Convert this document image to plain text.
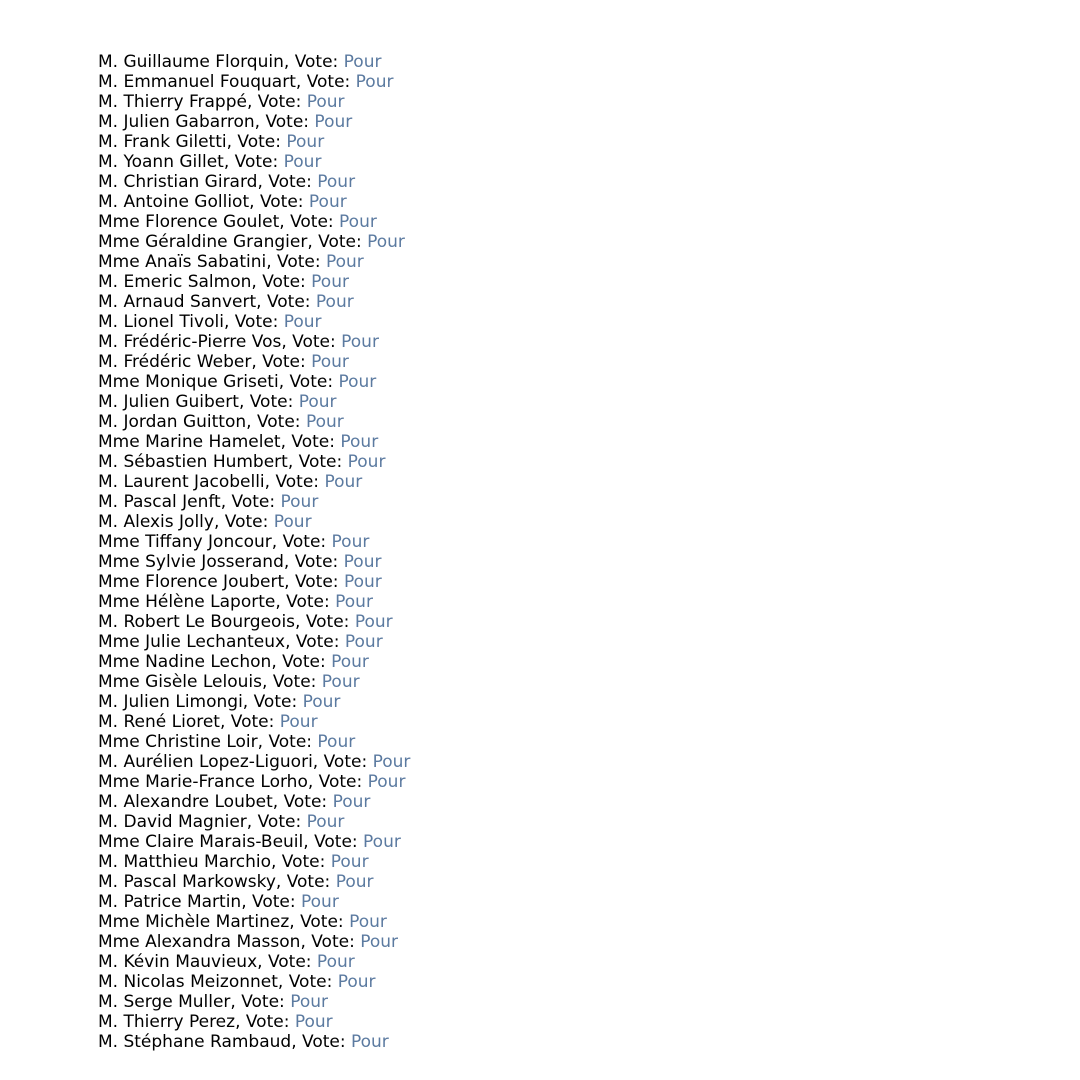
M. Guillaume Florquin, Vote: Pour
M. Emmanuel Fouquart, Vote: Pour
M. Thierry Frappé, Vote: Pour
M. Julien Gabarron, Vote: Pour
M. Frank Giletti, Vote: Pour
M. Yoann Gillet, Vote: Pour
M. Christian Girard, Vote: Pour
M. Antoine Golliot, Vote: Pour
Mme Florence Goulet, Vote: Pour
Mme Géraldine Grangier, Vote: Pour
Mme Anaïs Sabatini, Vote: Pour
M. Emeric Salmon, Vote: Pour
M. Arnaud Sanvert, Vote: Pour
M. Lionel Tivoli, Vote: Pour
M. Frédéric-Pierre Vos, Vote: Pour
M. Frédéric Weber, Vote: Pour
Mme Monique Griseti, Vote: Pour
M. Julien Guibert, Vote: Pour
M. Jordan Guitton, Vote: Pour
Mme Marine Hamelet, Vote: Pour
M. Sébastien Humbert, Vote: Pour
M. Laurent Jacobelli, Vote: Pour
M. Pascal Jenft, Vote: Pour
M. Alexis Jolly, Vote: Pour
Mme Tiffany Joncour, Vote: Pour
Mme Sylvie Josserand, Vote: Pour
Mme Florence Joubert, Vote: Pour
Mme Hélène Laporte, Vote: Pour
M. Robert Le Bourgeois, Vote: Pour
Mme Julie Lechanteux, Vote: Pour
Mme Nadine Lechon, Vote: Pour
Mme Gisèle Lelouis, Vote: Pour
M. Julien Limongi, Vote: Pour
M. René Lioret, Vote: Pour
Mme Christine Loir, Vote: Pour
M. Aurélien Lopez-Liguori, Vote: Pour
Mme Marie-France Lorho, Vote: Pour
M. Alexandre Loubet, Vote: Pour
M. David Magnier, Vote: Pour
Mme Claire Marais-Beuil, Vote: Pour
M. Matthieu Marchio, Vote: Pour
M. Pascal Markowsky, Vote: Pour
M. Patrice Martin, Vote: Pour
Mme Michèle Martinez, Vote: Pour
Mme Alexandra Masson, Vote: Pour
M. Kévin Mauvieux, Vote: Pour
M. Nicolas Meizonnet, Vote: Pour
M. Serge Muller, Vote: Pour
M. Thierry Perez, Vote: Pour
M. Stéphane Rambaud, Vote: Pour
